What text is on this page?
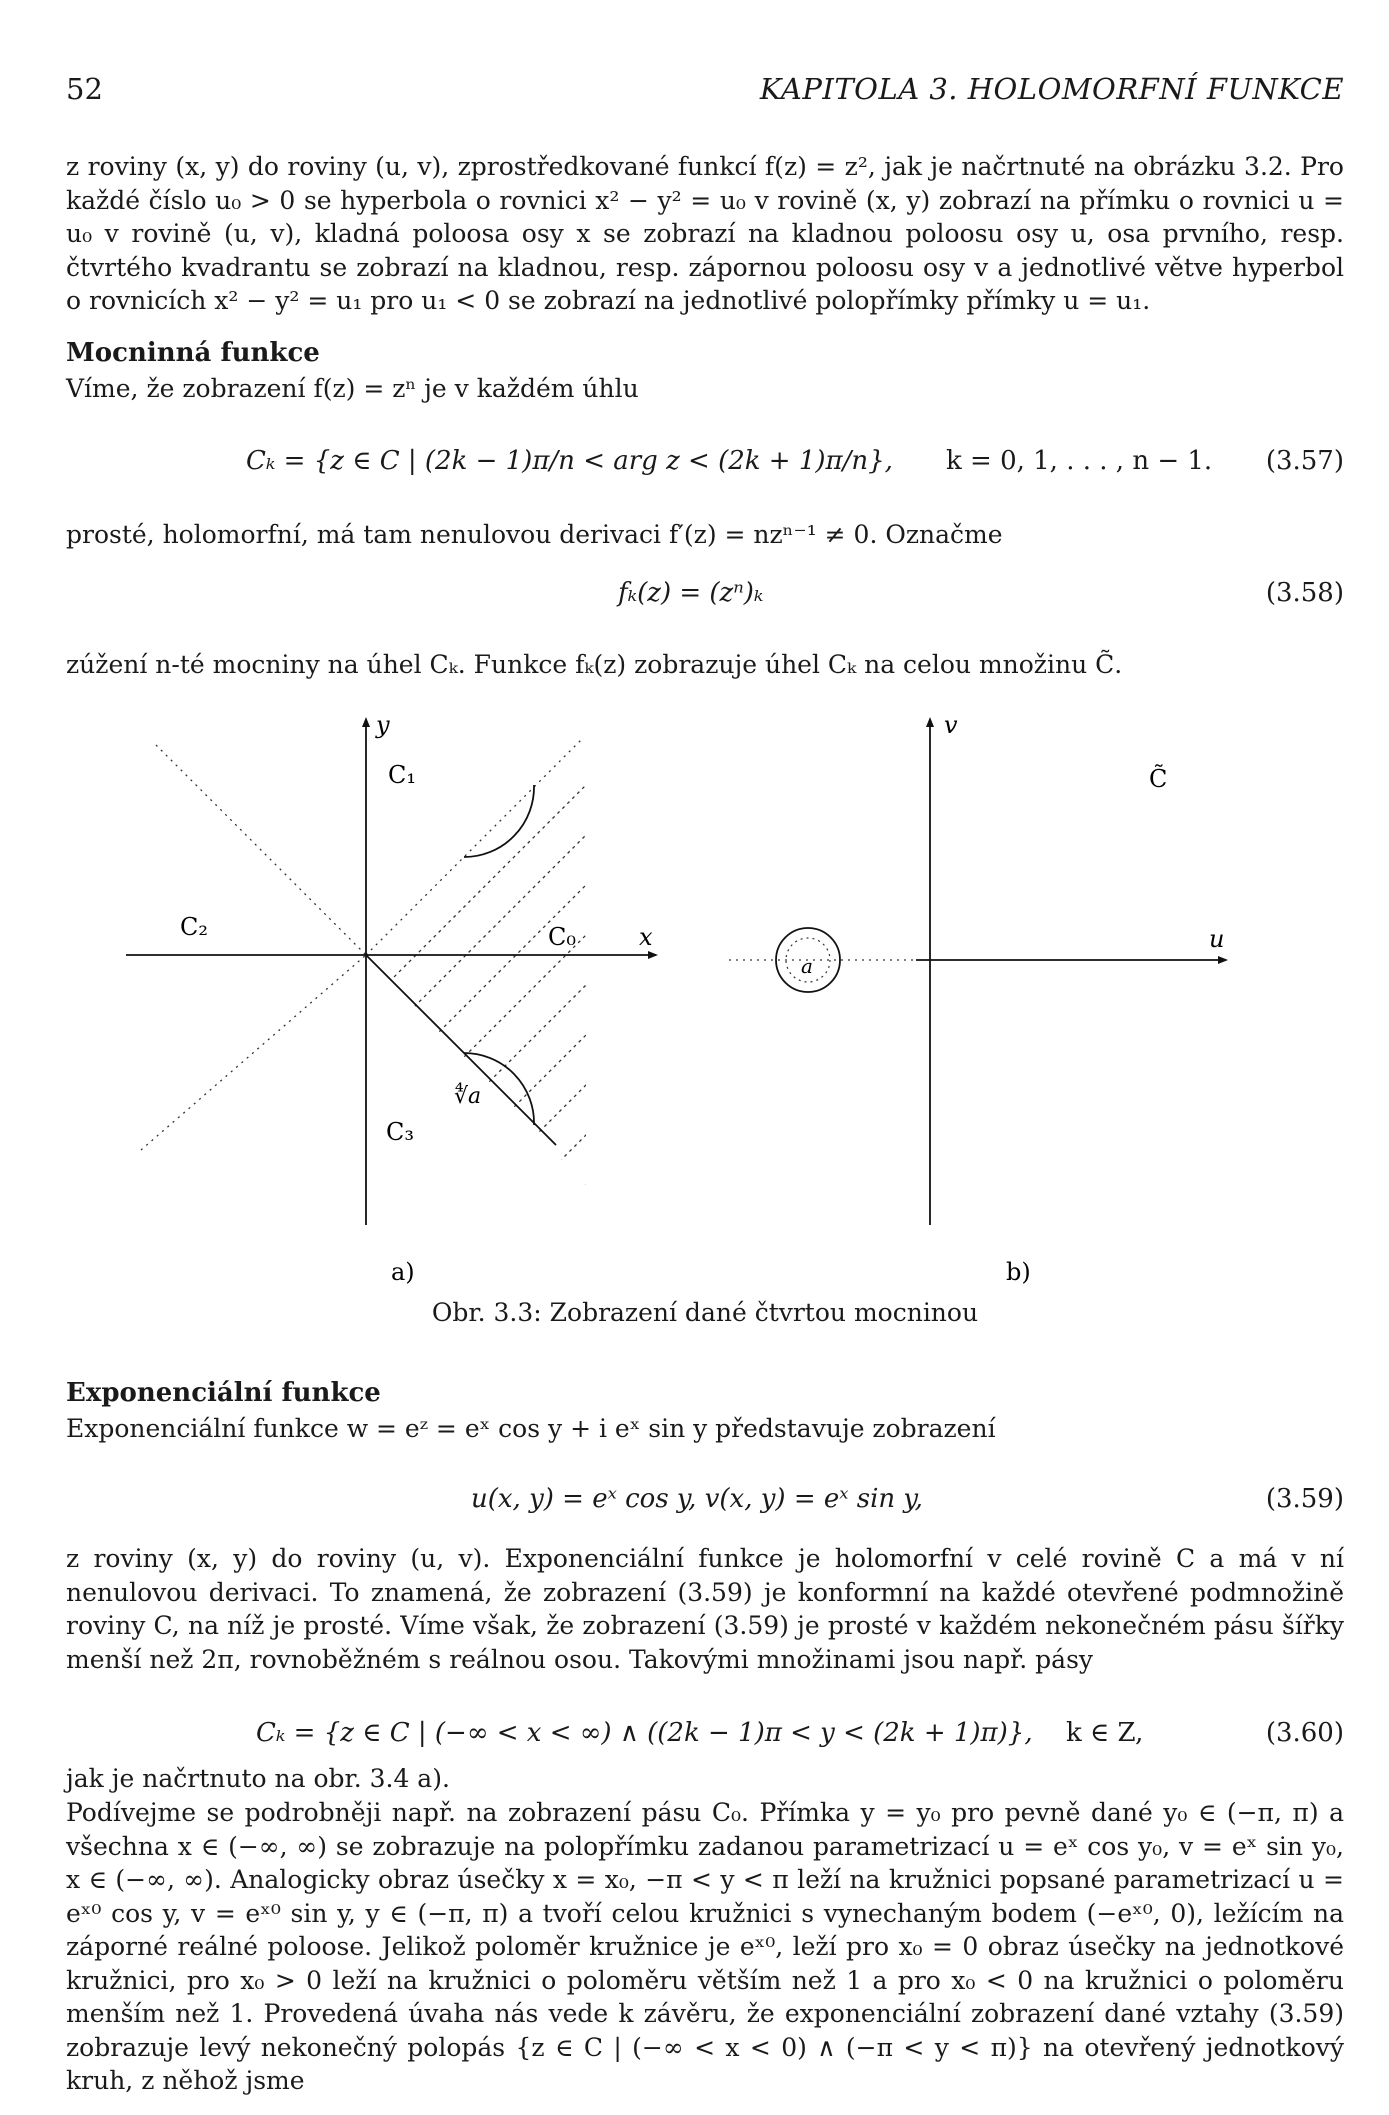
52	KAPITOLA 3. HOLOMORFNÍ FUNKCE

z roviny (x, y) do roviny (u, v), zprostředkované funkcí f(z) = z², jak je načrtnuté na obrázku 3.2. Pro každé číslo u₀ > 0 se hyperbola o rovnici x² − y² = u₀ v rovině (x, y) zobrazí na přímku o rovnici u = u₀ v rovině (u, v), kladná poloosa osy x se zobrazí na kladnou poloosu osy u, osa prvního, resp. čtvrtého kvadrantu se zobrazí na kladnou, resp. zápornou poloosu osy v a jednotlivé větve hyperbol o rovnicích x² − y² = u₁ pro u₁ < 0 se zobrazí na jednotlivé polopřímky přímky u = u₁.

Mocninná funkce

Víme, že zobrazení f(z) = zⁿ je v každém úhlu

Cₖ = {z ∈ C | (2k − 1)π/n < arg z < (2k + 1)π/n}, k = 0, 1, . . . , n − 1. (3.57)

prosté, holomorfní, má tam nenulovou derivaci f′(z) = nzⁿ⁻¹ ≠ 0. Označme

fₖ(z) = (zⁿ)ₖ	(3.58)

zúžení n-té mocniny na úhel Cₖ. Funkce fₖ(z) zobrazuje úhel Cₖ na celou množinu C̃.

y
x
C₁
C₂	C₀
C₃
∜a
a)
v
u
a
C̃
b)
Obr. 3.3: Zobrazení dané čtvrtou mocninou
Exponenciální funkce

Exponenciální funkce w = eᶻ = eˣ cos y + i eˣ sin y představuje zobrazení

u(x, y) = eˣ cos y, v(x, y) = eˣ sin y,	(3.59)

z roviny (x, y) do roviny (u, v). Exponenciální funkce je holomorfní v celé rovině C a má v ní nenulovou derivaci. To znamená, že zobrazení (3.59) je konformní na každé otevřené podmnožině roviny C, na níž je prosté. Víme však, že zobrazení (3.59) je prosté v každém nekonečném pásu šířky menší než 2π, rovnoběžném s reálnou osou. Takovými množinami jsou např. pásy

Cₖ = {z ∈ C | (−∞ < x < ∞) ∧ ((2k − 1)π < y < (2k + 1)π)}, k ∈ Z,	(3.60)

jak je načrtnuto na obr. 3.4 a).

Podívejme se podrobněji např. na zobrazení pásu C₀. Přímka y = y₀ pro pevně dané y₀ ∈ (−π, π) a všechna x ∈ (−∞, ∞) se zobrazuje na polopřímku zadanou parametrizací u = eˣ cos y₀, v = eˣ sin y₀, x ∈ (−∞, ∞). Analogicky obraz úsečky x = x₀, −π < y < π leží na kružnici popsané parametrizací u = eˣ⁰ cos y, v = eˣ⁰ sin y, y ∈ (−π, π) a tvoří celou kružnici s vynechaným bodem (−eˣ⁰, 0), ležícím na záporné reálné poloose. Jelikož poloměr kružnice je eˣ⁰, leží pro x₀ = 0 obraz úsečky na jednotkové kružnici, pro x₀ > 0 leží na kružnici o poloměru větším než 1 a pro x₀ < 0 na kružnici o poloměru menším než 1. Provedená úvaha nás vede k závěru, že exponenciální zobrazení dané vztahy (3.59) zobrazuje levý nekonečný polopás {z ∈ C | (−∞ < x < 0) ∧ (−π < y < π)} na otevřený jednotkový kruh, z něhož jsme
